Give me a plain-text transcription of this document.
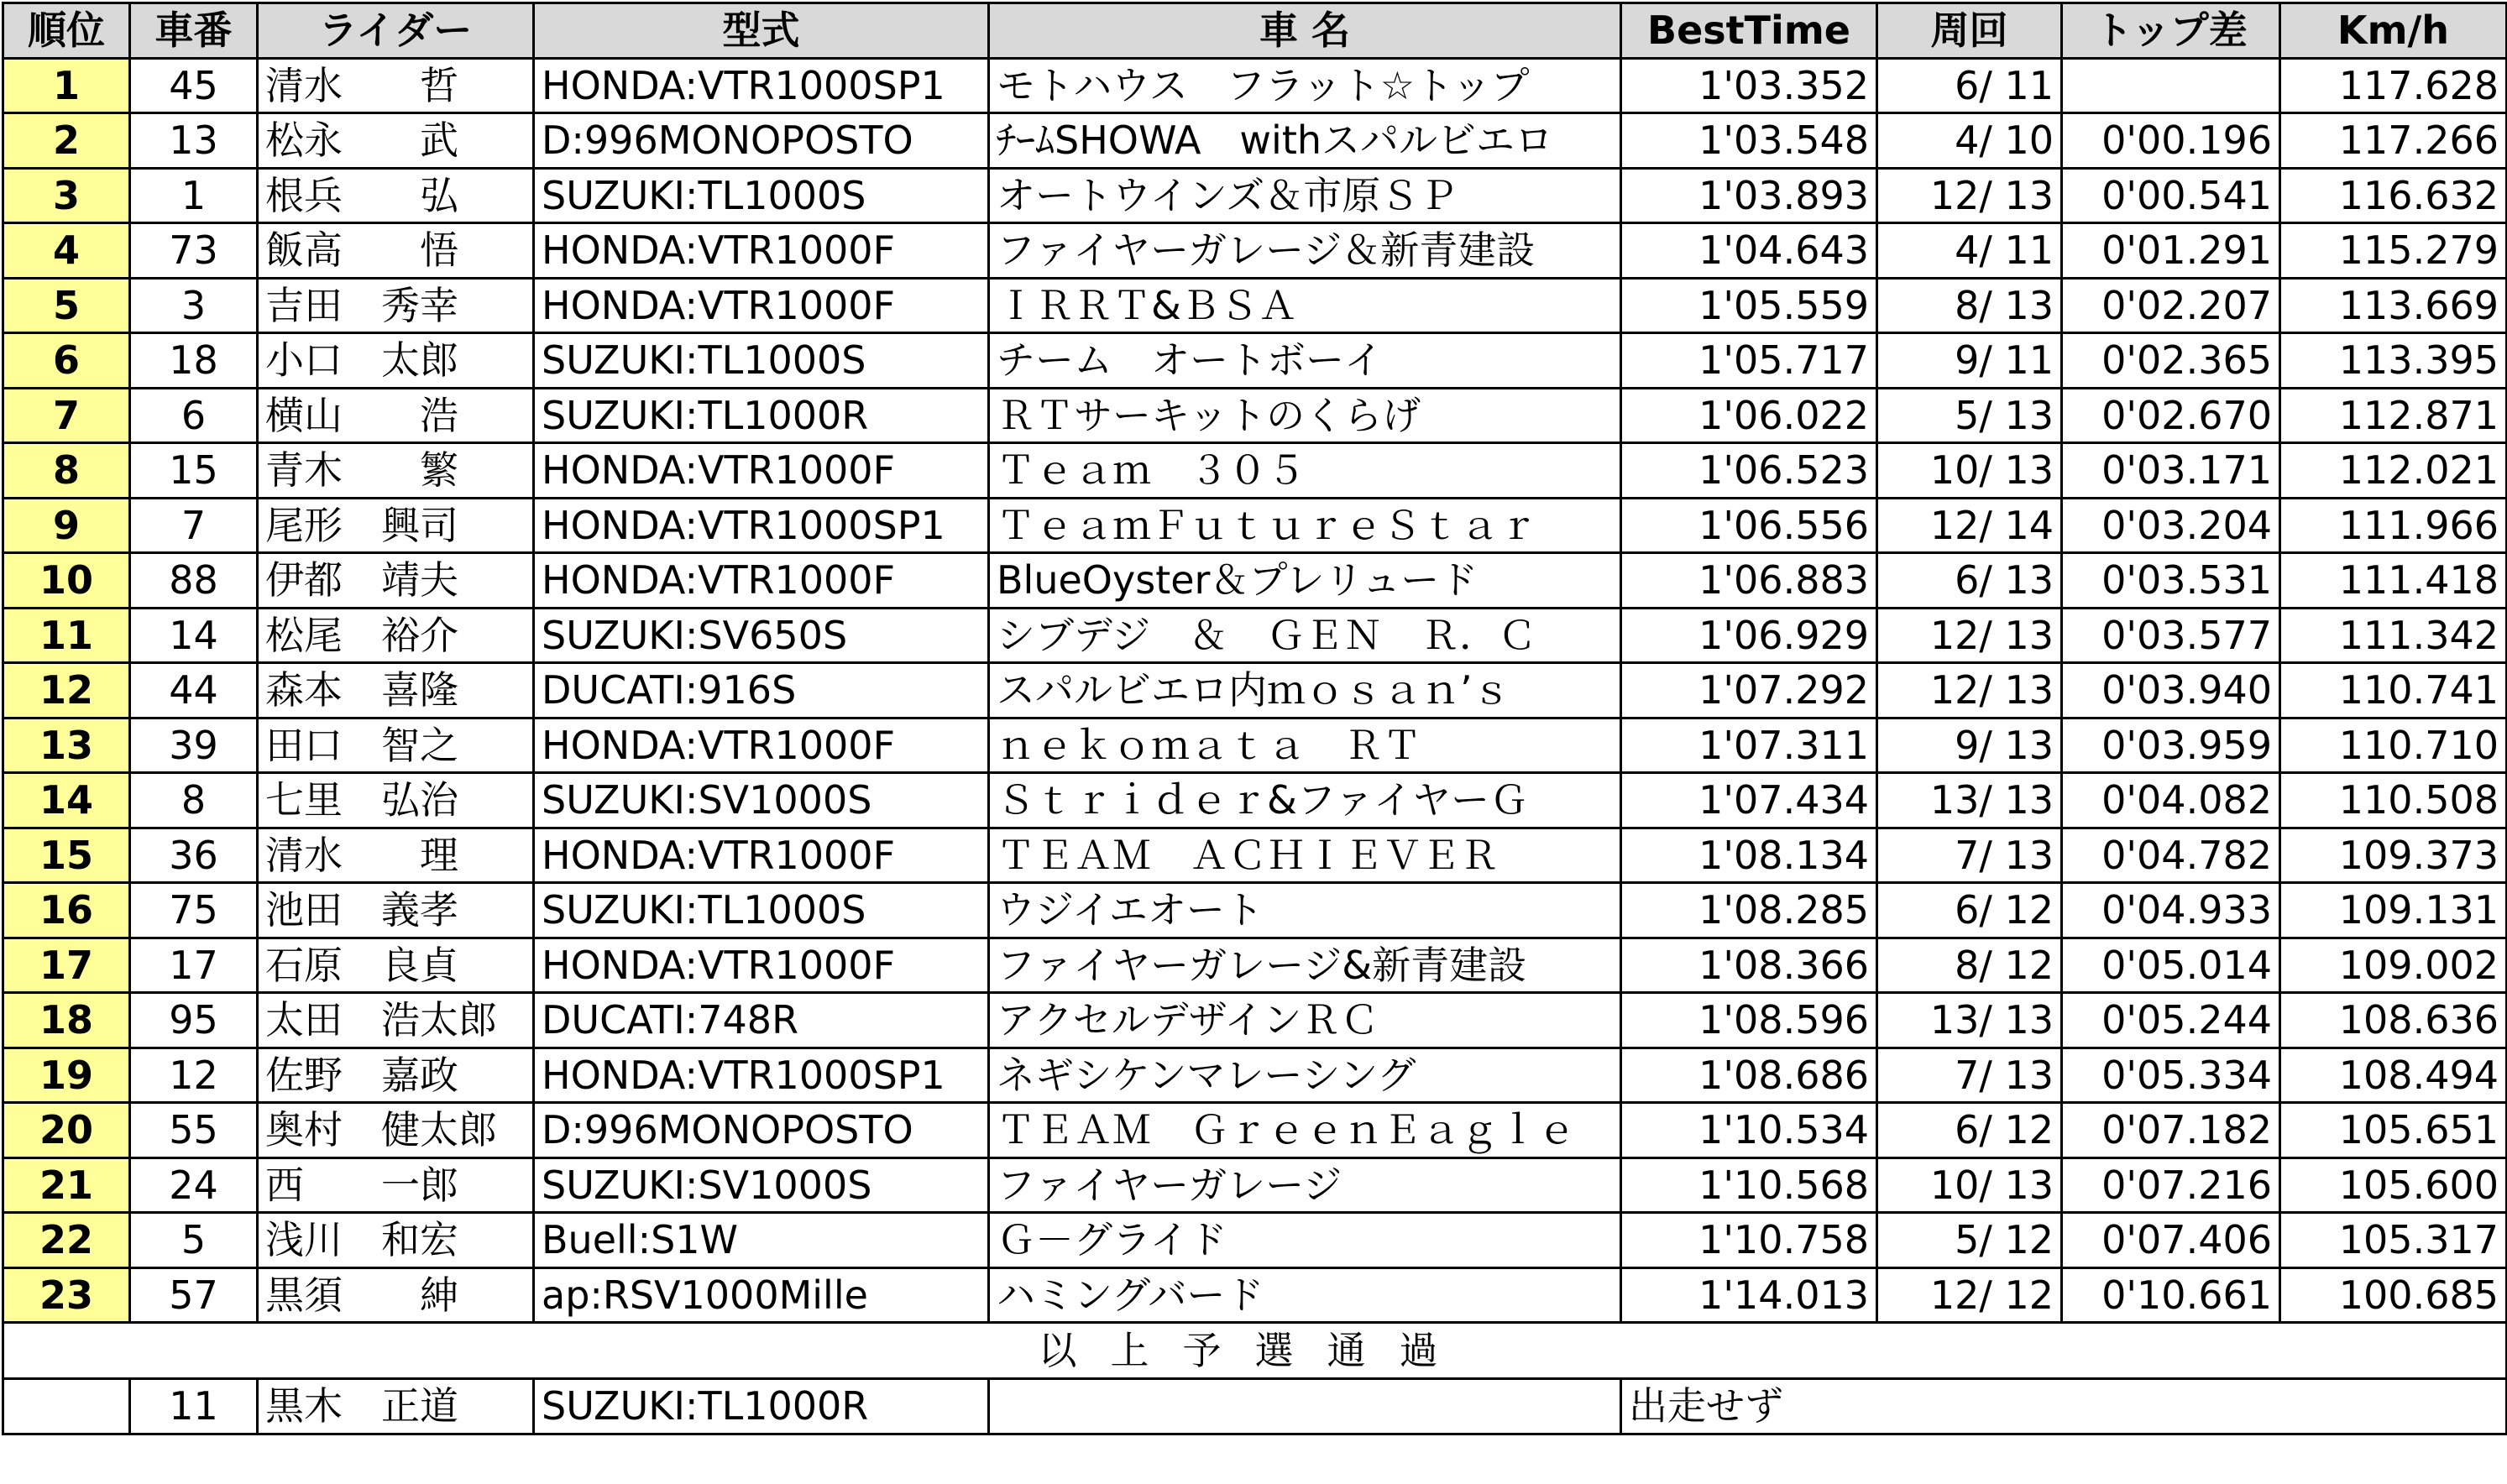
順位	車番	ライダー	型式	車 名	BestTime	周回	トップ差	Km/h
1	45	清水　　哲	HONDA:VTR1000SP1	モトハウス　フラット☆トップ	1'03.352	6/ 11		117.628
2	13	松永　　武	D:996MONOPOSTO	ﾁｰﾑSHOWA　withスパルビエロ	1'03.548	4/ 10	0'00.196	117.266
3	1	根兵　　弘	SUZUKI:TL1000S	オートウインズ＆市原ＳＰ	1'03.893	12/ 13	0'00.541	116.632
4	73	飯高　　悟	HONDA:VTR1000F	ファイヤーガレージ＆新青建設	1'04.643	4/ 11	0'01.291	115.279
5	3	吉田　秀幸	HONDA:VTR1000F	ＩＲＲＴ&ＢＳＡ	1'05.559	8/ 13	0'02.207	113.669
6	18	小口　太郎	SUZUKI:TL1000S	チーム　オートボーイ	1'05.717	9/ 11	0'02.365	113.395
7	6	横山　　浩	SUZUKI:TL1000R	ＲＴサーキットのくらげ	1'06.022	5/ 13	0'02.670	112.871
8	15	青木　　繁	HONDA:VTR1000F	Ｔｅａｍ　３０５	1'06.523	10/ 13	0'03.171	112.021
9	7	尾形　興司	HONDA:VTR1000SP1	ＴｅａｍＦｕｔｕｒｅＳｔａｒ	1'06.556	12/ 14	0'03.204	111.966
10	88	伊都　靖夫	HONDA:VTR1000F	BlueOyster＆プレリュード	1'06.883	6/ 13	0'03.531	111.418
11	14	松尾　裕介	SUZUKI:SV650S	シブデジ　＆　ＧＥＮ　Ｒ．Ｃ	1'06.929	12/ 13	0'03.577	111.342
12	44	森本　喜隆	DUCATI:916S	スパルビエロ内ｍｏｓａｎ’ｓ	1'07.292	12/ 13	0'03.940	110.741
13	39	田口　智之	HONDA:VTR1000F	ｎｅｋｏｍａｔａ　ＲＴ	1'07.311	9/ 13	0'03.959	110.710
14	8	七里　弘治	SUZUKI:SV1000S	Ｓｔｒｉｄｅｒ&ファイヤーＧ	1'07.434	13/ 13	0'04.082	110.508
15	36	清水　　理	HONDA:VTR1000F	ＴＥＡＭ　ＡＣＨＩＥＶＥＲ	1'08.134	7/ 13	0'04.782	109.373
16	75	池田　義孝	SUZUKI:TL1000S	ウジイエオート	1'08.285	6/ 12	0'04.933	109.131
17	17	石原　良貞	HONDA:VTR1000F	ファイヤーガレージ&新青建設	1'08.366	8/ 12	0'05.014	109.002
18	95	太田　浩太郎	DUCATI:748R	アクセルデザインＲＣ	1'08.596	13/ 13	0'05.244	108.636
19	12	佐野　嘉政	HONDA:VTR1000SP1	ネギシケンマレーシング	1'08.686	7/ 13	0'05.334	108.494
20	55	奥村　健太郎	D:996MONOPOSTO	ＴＥＡＭ　ＧｒｅｅｎＥａｇｌｅ	1'10.534	6/ 12	0'07.182	105.651
21	24	西　　一郎	SUZUKI:SV1000S	ファイヤーガレージ	1'10.568	10/ 13	0'07.216	105.600
22	5	浅川　和宏	Buell:S1W	Ｇ－グライド	1'10.758	5/ 12	0'07.406	105.317
23	57	黒須　　紳	ap:RSV1000Mille	ハミングバード	1'14.013	12/ 12	0'10.661	100.685
以上予選通過								
	11	黒木　正道	SUZUKI:TL1000R		出走せず			
